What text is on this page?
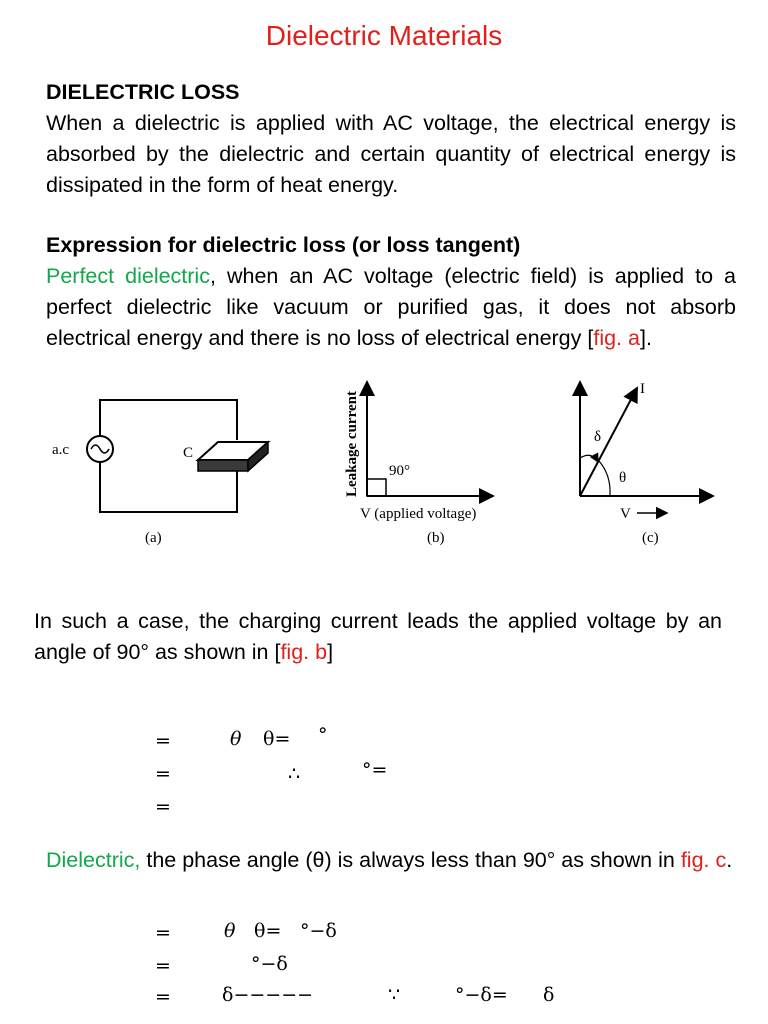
Dielectric Materials
DIELECTRIC LOSS
When a dielectric is applied with AC voltage, the electrical energy is absorbed by the dielectric and certain quantity of electrical energy is dissipated in the form of heat energy.
Expression for dielectric loss (or loss tangent)
Perfect dielectric, when an AC voltage (electric field) is applied to a perfect dielectric like vacuum or purified gas, it does not absorb electrical energy and there is no loss of electrical energy [fig. a].
a.c	C
(a)
Leakage current 90°
V (applied voltage)
(b)
I
δ
θ
V
(c)
In such a case, the charging current leads the applied voltage by an angle of 90° as shown in [fig. b]
=	θ θ= °
=	∴	°=
=
Dielectric, the phase angle (θ) is always less than 90° as shown in fig. c.
=	θ θ= °−δ
=	°−δ
=	δ−−−−−	∵	°−δ= δ
